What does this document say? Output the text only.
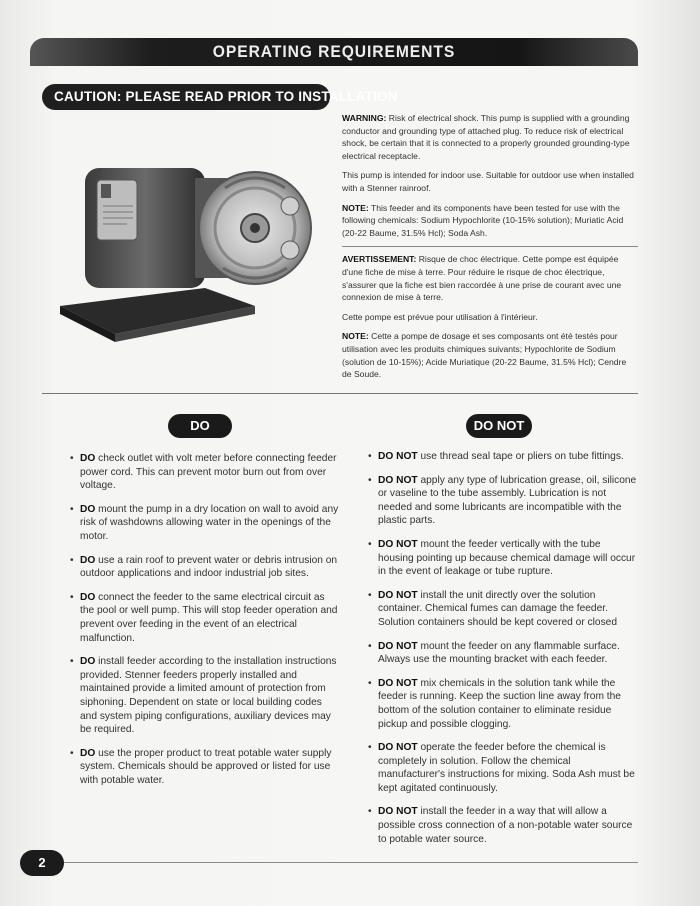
OPERATING REQUIREMENTS
CAUTION: PLEASE READ PRIOR TO INSTALLATION

WARNING: Risk of electrical shock. This pump is supplied with a grounding conductor and grounding type of attached plug. To reduce risk of electrical shock, be certain that it is connected to a properly grounded grounding-type electrical receptacle.

This pump is intended for indoor use. Suitable for outdoor use when installed with a Stenner rainroof.

NOTE: This feeder and its components have been tested for use with the following chemicals: Sodium Hypochlorite (10-15% solution); Muriatic Acid (20-22 Baume, 31.5% Hcl); Soda Ash.

AVERTISSEMENT: Risque de choc électrique. Cette pompe est équipée d'une fiche de mise à terre. Pour réduire le risque de choc électrique, s'assurer que la fiche est bien raccordée à une prise de courant avec une connexion de mise à terre.

Cette pompe est prévue pour utilisation à l'intérieur.

NOTE: Cette a pompe de dosage et ses composants ont été testés pour utilisation avec les produits chimiques suivants; Hypochlorite de Sodium (solution de 10-15%); Acide Muriatique (20-22 Baume, 31.5% Hcl); Cendre de Soude.

DO	DO NOT
• DO check outlet with volt meter before connecting feeder power cord. This can prevent motor burn out from over voltage.
• DO mount the pump in a dry location on wall to avoid any risk of washdowns allowing water in the openings of the motor.
• DO use a rain roof to prevent water or debris intrusion on outdoor applications and indoor industrial job sites.
• DO connect the feeder to the same electrical circuit as the pool or well pump. This will stop feeder operation and prevent over feeding in the event of an electrical malfunction.
• DO install feeder according to the installation instructions provided. Stenner feeders properly installed and maintained provide a limited amount of protection from siphoning. Dependent on state or local building codes and system piping configurations, auxiliary devices may be required.
• DO use the proper product to treat potable water supply system. Chemicals should be approved or listed for use with potable water.
• DO NOT use thread seal tape or pliers on tube fittings.
• DO NOT apply any type of lubrication grease, oil, silicone or vaseline to the tube assembly. Lubrication is not needed and some lubricants are incompatible with the plastic parts.
• DO NOT mount the feeder vertically with the tube housing pointing up because chemical damage will occur in the event of leakage or tube rupture.
• DO NOT install the unit directly over the solution container. Chemical fumes can damage the feeder. Solution containers should be kept covered or closed
• DO NOT mount the feeder on any flammable surface. Always use the mounting bracket with each feeder.
• DO NOT mix chemicals in the solution tank while the feeder is running. Keep the suction line away from the bottom of the solution container to eliminate residue pickup and possible clogging.
• DO NOT operate the feeder before the chemical is completely in solution. Follow the chemical manufacturer's instructions for mixing. Soda Ash must be kept agitated continuously.
• DO NOT install the feeder in a way that will allow a possible cross connection of a non-potable water source to potable water source.
2
